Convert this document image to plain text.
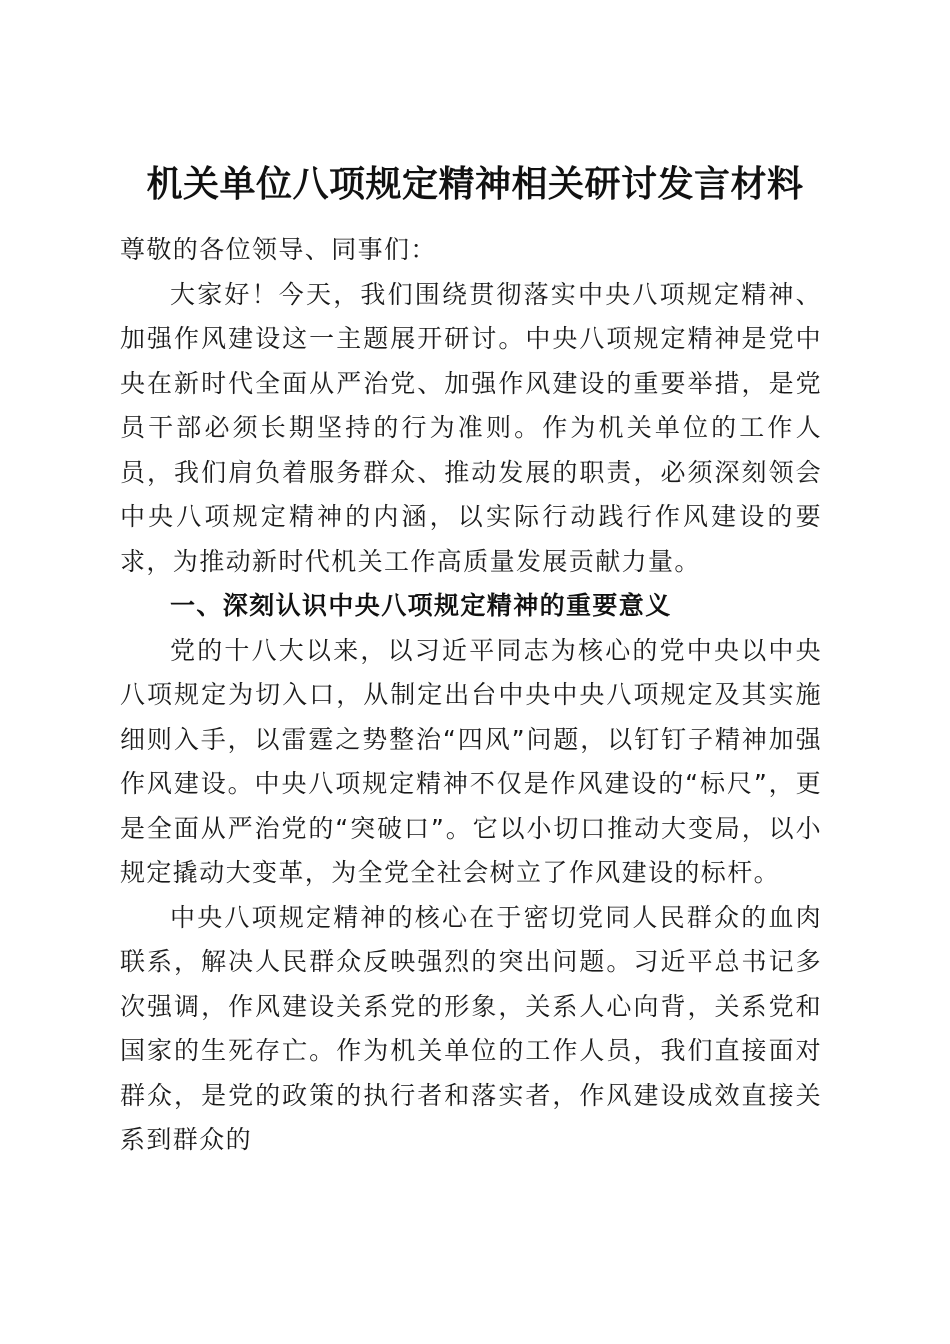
机关单位八项规定精神相关研讨发言材料

尊敬的各位领导、同事们：

大家好！今天，我们围绕贯彻落实中央八项规定精神、加强作风建设这一主题展开研讨。中央八项规定精神是党中央在新时代全面从严治党、加强作风建设的重要举措，是党员干部必须长期坚持的行为准则。作为机关单位的工作人员，我们肩负着服务群众、推动发展的职责，必须深刻领会中央八项规定精神的内涵，以实际行动践行作风建设的要求，为推动新时代机关工作高质量发展贡献力量。

一、深刻认识中央八项规定精神的重要意义

党的十八大以来，以习近平同志为核心的党中央以中央八项规定为切入口，从制定出台中央中央八项规定及其实施细则入手，以雷霆之势整治“四风”问题，以钉钉子精神加强作风建设。中央八项规定精神不仅是作风建设的“标尺”，更是全面从严治党的“突破口”。它以小切口推动大变局，以小规定撬动大变革，为全党全社会树立了作风建设的标杆。

中央八项规定精神的核心在于密切党同人民群众的血肉联系，解决人民群众反映强烈的突出问题。习近平总书记多次强调，作风建设关系党的形象，关系人心向背，关系党和国家的生死存亡。作为机关单位的工作人员，我们直接面对群众，是党的政策的执行者和落实者，作风建设成效直接关系到群众的
